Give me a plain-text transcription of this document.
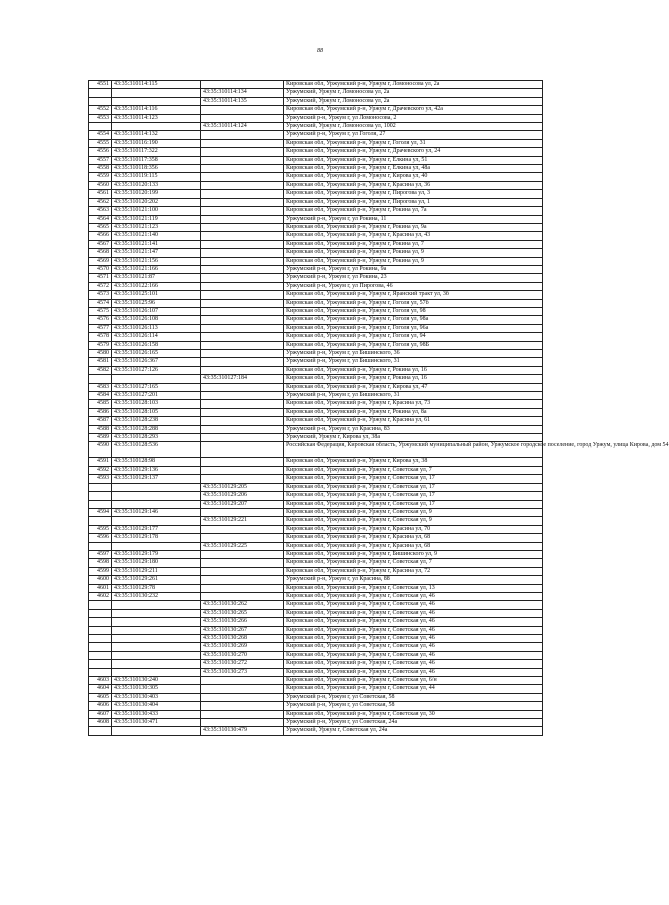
88
4551	43:35:310114:115		Кировская обл, Уржумский р-н, Уржум г, Ломоносова ул, 2а
		43:35:310114:134	Уржумский, Уржум г, Ломоносова ул, 2а
		43:35:310114:135	Уржумский, Уржум г, Ломоносова ул, 2а
4552	43:35:310114:116		Кировская обл, Уржумский р-н, Уржум г, Драчевского ул, 42а
4553	43:35:310114:123		Уржумский р-н, Уржум г, ул Ломоносова, 2
		43:35:310114:124	Уржумский, Уржум г, Ломоносова ул, 1002
4554	43:35:310114:132		Уржумский р-н, Уржум г, ул Гоголя, 27
4555	43:35:310116:190		Кировская обл, Уржумский р-н, Уржум г, Гоголя ул, 31
4556	43:35:310117:322		Кировская обл, Уржумский р-н, Уржум г, Драчевского ул, 24
4557	43:35:310117:358		Кировская обл, Уржумский р-н, Уржум г, Елкина ул, 51
4558	43:35:310118:356		Кировская обл, Уржумский р-н, Уржум г, Елкина ул, 48а
4559	43:35:310119:115		Кировская обл, Уржумский р-н, Уржум г, Кирова ул, 40
4560	43:35:310120:133		Кировская обл, Уржумский р-н, Уржум г, Красина ул, 36
4561	43:35:310120:199		Кировская обл, Уржумский р-н, Уржум г, Пирогова ул, 3
4562	43:35:310120:202		Кировская обл, Уржумский р-н, Уржум г, Пирогова ул, 1
4563	43:35:310121:100		Кировская обл, Уржумский р-н, Уржум г, Рокина ул, 7а
4564	43:35:310121:119		Уржумский р-н, Уржум г, ул Рокина, 11
4565	43:35:310121:123		Кировская обл, Уржумский р-н, Уржум г, Рокина ул, 9а
4566	43:35:310121:140		Кировская обл, Уржумский р-н, Уржум г, Красина ул, 43
4567	43:35:310121:141		Кировская обл, Уржумский р-н, Уржум г, Рокина ул, 7
4568	43:35:310121:147		Кировская обл, Уржумский р-н, Уржум г, Рокина ул, 9
4569	43:35:310121:156		Кировская обл, Уржумский р-н, Уржум г, Рокина ул, 9
4570	43:35:310121:166		Уржумский р-н, Уржум г, ул Рокина, 9а
4571	43:35:310121:87		Уржумский р-н, Уржум г, ул Рокина, 23
4572	43:35:310122:166		Уржумский р-н, Уржум г, ул Пирогова, 46
4573	43:35:310125:101		Кировская обл, Уржумский р-н, Уржум г, Яранский тракт ул, 3б
4574	43:35:310125:96		Кировская обл, Уржумский р-н, Уржум г, Гоголя ул, 57б
4575	43:35:310126:107		Кировская обл, Уржумский р-н, Уржум г, Гоголя ул, 98
4576	43:35:310126:108		Кировская обл, Уржумский р-н, Уржум г, Гоголя ул, 98а
4577	43:35:310126:113		Кировская обл, Уржумский р-н, Уржум г, Гоголя ул, 96а
4578	43:35:310126:114		Кировская обл, Уржумский р-н, Уржум г, Гоголя ул, 94
4579	43:35:310126:158		Кировская обл, Уржумский р-н, Уржум г, Гоголя ул, 98Б
4580	43:35:310126:165		Уржумский р-н, Уржум г, ул Бишинского, 36
4581	43:35:310126:367		Уржумский р-н, Уржум г, ул Бишинского, 31
4582	43:35:310127:126		Кировская обл, Уржумский р-н, Уржум г, Рокина ул, 16
		43:35:310127:184	Кировская обл, Уржумский р-н, Уржум г, Рокина ул, 16
4583	43:35:310127:165		Кировская обл, Уржумский р-н, Уржум г, Кирова ул, 47
4584	43:35:310127:201		Уржумский р-н, Уржум г, ул Бишинского, 31
4585	43:35:310128:103		Кировская обл, Уржумский р-н, Уржум г, Красина ул, 73
4586	43:35:310128:105		Кировская обл, Уржумский р-н, Уржум г, Рокина ул, 8а
4587	43:35:310128:238		Кировская обл, Уржумский р-н, Уржум г, Красина ул, 61
4588	43:35:310128:288		Уржумский р-н, Уржум г, ул Красина, 83
4589	43:35:310128:293		Уржумский, Уржум г, Кирова ул, 38а
4590	43:35:310128:536		Российская Федерация, Кировская область, Уржумский муниципальный район, Уржумское городское поселение, город Уржум, улица Кирова, дом 54
4591	43:35:310128:98		Кировская обл, Уржумский р-н, Уржум г, Кирова ул, 38
4592	43:35:310129:136		Кировская обл, Уржумский р-н, Уржум г, Советская ул, 7
4593	43:35:310129:137		Кировская обл, Уржумский р-н, Уржум г, Советская ул, 17
		43:35:310129:205	Кировская обл, Уржумский р-н, Уржум г, Советская ул, 17
		43:35:310129:206	Кировская обл, Уржумский р-н, Уржум г, Советская ул, 17
		43:35:310129:207	Кировская обл, Уржумский р-н, Уржум г, Советская ул, 17
4594	43:35:310129:146		Кировская обл, Уржумский р-н, Уржум г, Советская ул, 9
		43:35:310129:221	Кировская обл, Уржумский р-н, Уржум г, Советская ул, 9
4595	43:35:310129:177		Кировская обл, Уржумский р-н, Уржум г, Красина ул, 70
4596	43:35:310129:178		Кировская обл, Уржумский р-н, Уржум г, Красина ул, 68
		43:35:310129:225	Кировская обл, Уржумский р-н, Уржум г, Красина ул, 68
4597	43:35:310129:179		Кировская обл, Уржумский р-н, Уржум г, Бишинского ул, 9
4598	43:35:310129:180		Кировская обл, Уржумский р-н, Уржум г, Советская ул, 7
4599	43:35:310129:211		Кировская обл, Уржумский р-н, Уржум г, Красина ул, 72
4600	43:35:310129:261		Уржумский р-н, Уржум г, ул Красина, 88
4601	43:35:310129:78		Кировская обл, Уржумский р-н, Уржум г, Советская ул, 13
4602	43:35:310130:232		Кировская обл, Уржумский р-н, Уржум г, Советская ул, 46
		43:35:310130:262	Кировская обл, Уржумский р-н, Уржум г, Советская ул, 46
		43:35:310130:265	Кировская обл, Уржумский р-н, Уржум г, Советская ул, 46
		43:35:310130:266	Кировская обл, Уржумский р-н, Уржум г, Советская ул, 46
		43:35:310130:267	Кировская обл, Уржумский р-н, Уржум г, Советская ул, 46
		43:35:310130:268	Кировская обл, Уржумский р-н, Уржум г, Советская ул, 46
		43:35:310130:269	Кировская обл, Уржумский р-н, Уржум г, Советская ул, 46
		43:35:310130:270	Кировская обл, Уржумский р-н, Уржум г, Советская ул, 46
		43:35:310130:272	Кировская обл, Уржумский р-н, Уржум г, Советская ул, 46
		43:35:310130:273	Кировская обл, Уржумский р-н, Уржум г, Советская ул, 46
4603	43:35:310130:240		Кировская обл, Уржумский р-н, Уржум г, Советская ул, 6/н
4604	43:35:310130:305		Кировская обл, Уржумский р-н, Уржум г, Советская ул, 44
4605	43:35:310130:403		Уржумский р-н, Уржум г, ул Советская, 58
4606	43:35:310130:404		Уржумский р-н, Уржум г, ул Советская, 58
4607	43:35:310130:433		Кировская обл, Уржумский р-н, Уржум г, Советская ул, 30
4608	43:35:310130:471		Уржумский р-н, Уржум г, ул Советская, 24а
		43:35:310130:479	Уржумский, Уржум г, Советская ул, 24а
